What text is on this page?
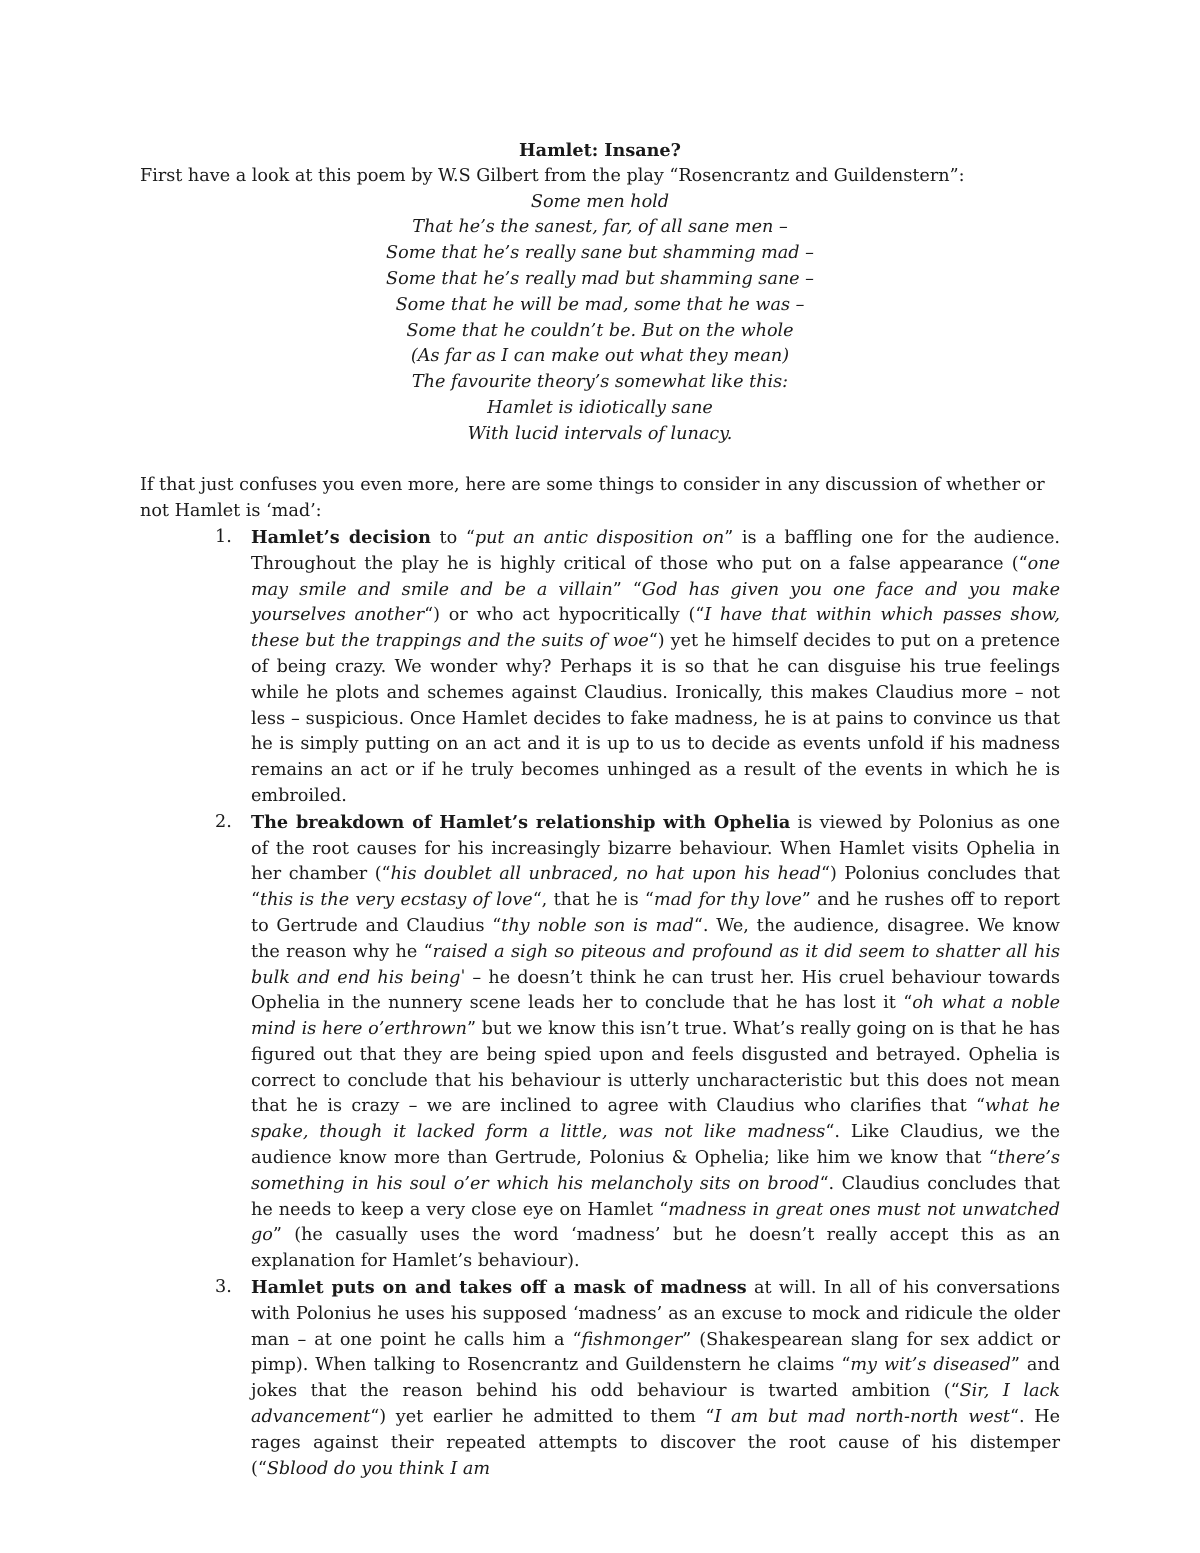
Hamlet: Insane?

First have a look at this poem by W.S Gilbert from the play “Rosencrantz and Guildenstern”:

Some men hold
That he’s the sanest, far, of all sane men –
Some that he’s really sane but shamming mad –
Some that he’s really mad but shamming sane –
Some that he will be mad, some that he was –
Some that he couldn’t be. But on the whole
(As far as I can make out what they mean)
The favourite theory’s somewhat like this:
Hamlet is idiotically sane
With lucid intervals of lunacy.

If that just confuses you even more, here are some things to consider in any discussion of whether or not Hamlet is ‘mad’:

1. Hamlet’s decision to “put an antic disposition on” is a baffling one for the audience. Throughout the play he is highly critical of those who put on a false appearance (“one may smile and smile and be a villain” “God has given you one face and you make yourselves another“) or who act hypocritically (“I have that within which passes show, these but the trappings and the suits of woe“) yet he himself decides to put on a pretence of being crazy. We wonder why? Perhaps it is so that he can disguise his true feelings while he plots and schemes against Claudius. Ironically, this makes Claudius more – not less – suspicious. Once Hamlet decides to fake madness, he is at pains to convince us that he is simply putting on an act and it is up to us to decide as events unfold if his madness remains an act or if he truly becomes unhinged as a result of the events in which he is embroiled.
2. The breakdown of Hamlet’s relationship with Ophelia is viewed by Polonius as one of the root causes for his increasingly bizarre behaviour. When Hamlet visits Ophelia in her chamber (“his doublet all unbraced, no hat upon his head“) Polonius concludes that “this is the very ecstasy of love“, that he is “mad for thy love” and he rushes off to report to Gertrude and Claudius “thy noble son is mad“. We, the audience, disagree. We know the reason why he “raised a sigh so piteous and profound as it did seem to shatter all his bulk and end his beingˈ – he doesn’t think he can trust her. His cruel behaviour towards Ophelia in the nunnery scene leads her to conclude that he has lost it “oh what a noble mind is here o’erthrown” but we know this isn’t true. What’s really going on is that he has figured out that they are being spied upon and feels disgusted and betrayed. Ophelia is correct to conclude that his behaviour is utterly uncharacteristic but this does not mean that he is crazy – we are inclined to agree with Claudius who clarifies that “what he spake, though it lacked form a little, was not like madness“. Like Claudius, we the audience know more than Gertrude, Polonius & Ophelia; like him we know that “there’s something in his soul o’er which his melancholy sits on brood“. Claudius concludes that he needs to keep a very close eye on Hamlet “madness in great ones must not unwatched go” (he casually uses the word ‘madness’ but he doesn’t really accept this as an explanation for Hamlet’s behaviour).
3. Hamlet puts on and takes off a mask of madness at will. In all of his conversations with Polonius he uses his supposed ‘madness’ as an excuse to mock and ridicule the older man – at one point he calls him a “fishmonger” (Shakespearean slang for sex addict or pimp). When talking to Rosencrantz and Guildenstern he claims “my wit’s diseased” and jokes that the reason behind his odd behaviour is twarted ambition (“Sir, I lack advancement“) yet earlier he admitted to them “I am but mad north-north west“. He rages against their repeated attempts to discover the root cause of his distemper (“Sblood do you think I am
